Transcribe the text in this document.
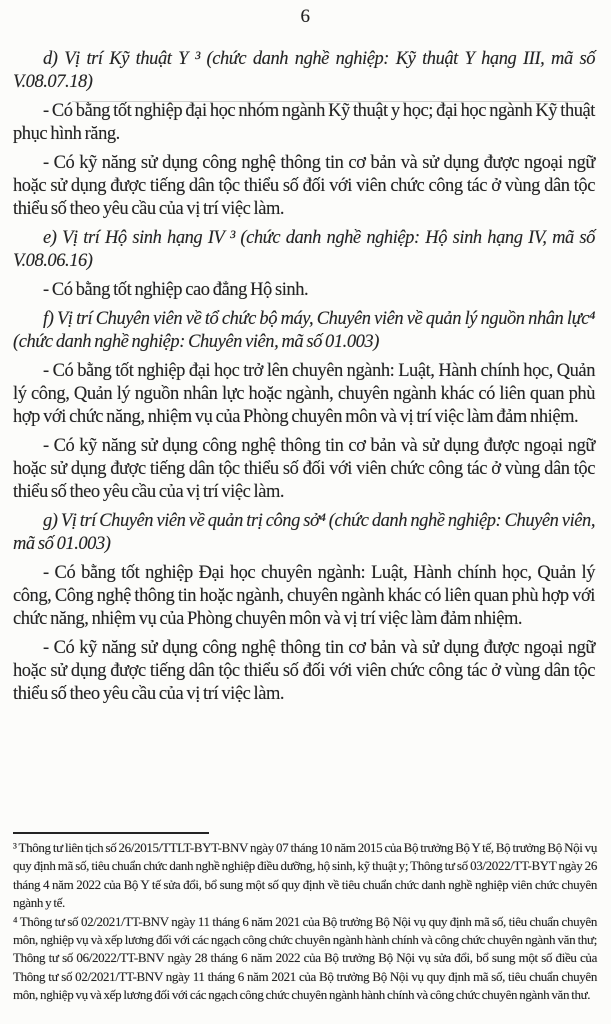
6

d) Vị trí Kỹ thuật Y ³ (chức danh nghề nghiệp: Kỹ thuật Y hạng III, mã số V.08.07.18)

- Có bằng tốt nghiệp đại học nhóm ngành Kỹ thuật y học; đại học ngành Kỹ thuật phục hình răng.

- Có kỹ năng sử dụng công nghệ thông tin cơ bản và sử dụng được ngoại ngữ hoặc sử dụng được tiếng dân tộc thiểu số đối với viên chức công tác ở vùng dân tộc thiểu số theo yêu cầu của vị trí việc làm.

e) Vị trí Hộ sinh hạng IV ³ (chức danh nghề nghiệp: Hộ sinh hạng IV, mã số V.08.06.16)

- Có bằng tốt nghiệp cao đẳng Hộ sinh.

f) Vị trí Chuyên viên về tổ chức bộ máy, Chuyên viên về quản lý nguồn nhân lực⁴ (chức danh nghề nghiệp: Chuyên viên, mã số 01.003)

- Có bằng tốt nghiệp đại học trở lên chuyên ngành: Luật, Hành chính học, Quản lý công, Quản lý nguồn nhân lực hoặc ngành, chuyên ngành khác có liên quan phù hợp với chức năng, nhiệm vụ của Phòng chuyên môn và vị trí việc làm đảm nhiệm.

- Có kỹ năng sử dụng công nghệ thông tin cơ bản và sử dụng được ngoại ngữ hoặc sử dụng được tiếng dân tộc thiểu số đối với viên chức công tác ở vùng dân tộc thiểu số theo yêu cầu của vị trí việc làm.

g) Vị trí Chuyên viên về quản trị công sở⁴ (chức danh nghề nghiệp: Chuyên viên, mã số 01.003)

- Có bằng tốt nghiệp Đại học chuyên ngành: Luật, Hành chính học, Quản lý công, Công nghệ thông tin hoặc ngành, chuyên ngành khác có liên quan phù hợp với chức năng, nhiệm vụ của Phòng chuyên môn và vị trí việc làm đảm nhiệm.

- Có kỹ năng sử dụng công nghệ thông tin cơ bản và sử dụng được ngoại ngữ hoặc sử dụng được tiếng dân tộc thiểu số đối với viên chức công tác ở vùng dân tộc thiểu số theo yêu cầu của vị trí việc làm.

³ Thông tư liên tịch số 26/2015/TTLT-BYT-BNV ngày 07 tháng 10 năm 2015 của Bộ trưởng Bộ Y tế, Bộ trưởng Bộ Nội vụ quy định mã số, tiêu chuẩn chức danh nghề nghiệp điều dưỡng, hộ sinh, kỹ thuật y; Thông tư số 03/2022/TT-BYT ngày 26 tháng 4 năm 2022 của Bộ Y tế sửa đổi, bổ sung một số quy định về tiêu chuẩn chức danh nghề nghiệp viên chức chuyên ngành y tế.

⁴ Thông tư số 02/2021/TT-BNV ngày 11 tháng 6 năm 2021 của Bộ trưởng Bộ Nội vụ quy định mã số, tiêu chuẩn chuyên môn, nghiệp vụ và xếp lương đối với các ngạch công chức chuyên ngành hành chính và công chức chuyên ngành văn thư; Thông tư số 06/2022/TT-BNV ngày 28 tháng 6 năm 2022 của Bộ trưởng Bộ Nội vụ sửa đổi, bổ sung một số điều của Thông tư số 02/2021/TT-BNV ngày 11 tháng 6 năm 2021 của Bộ trưởng Bộ Nội vụ quy định mã số, tiêu chuẩn chuyên môn, nghiệp vụ và xếp lương đối với các ngạch công chức chuyên ngành hành chính và công chức chuyên ngành văn thư.
